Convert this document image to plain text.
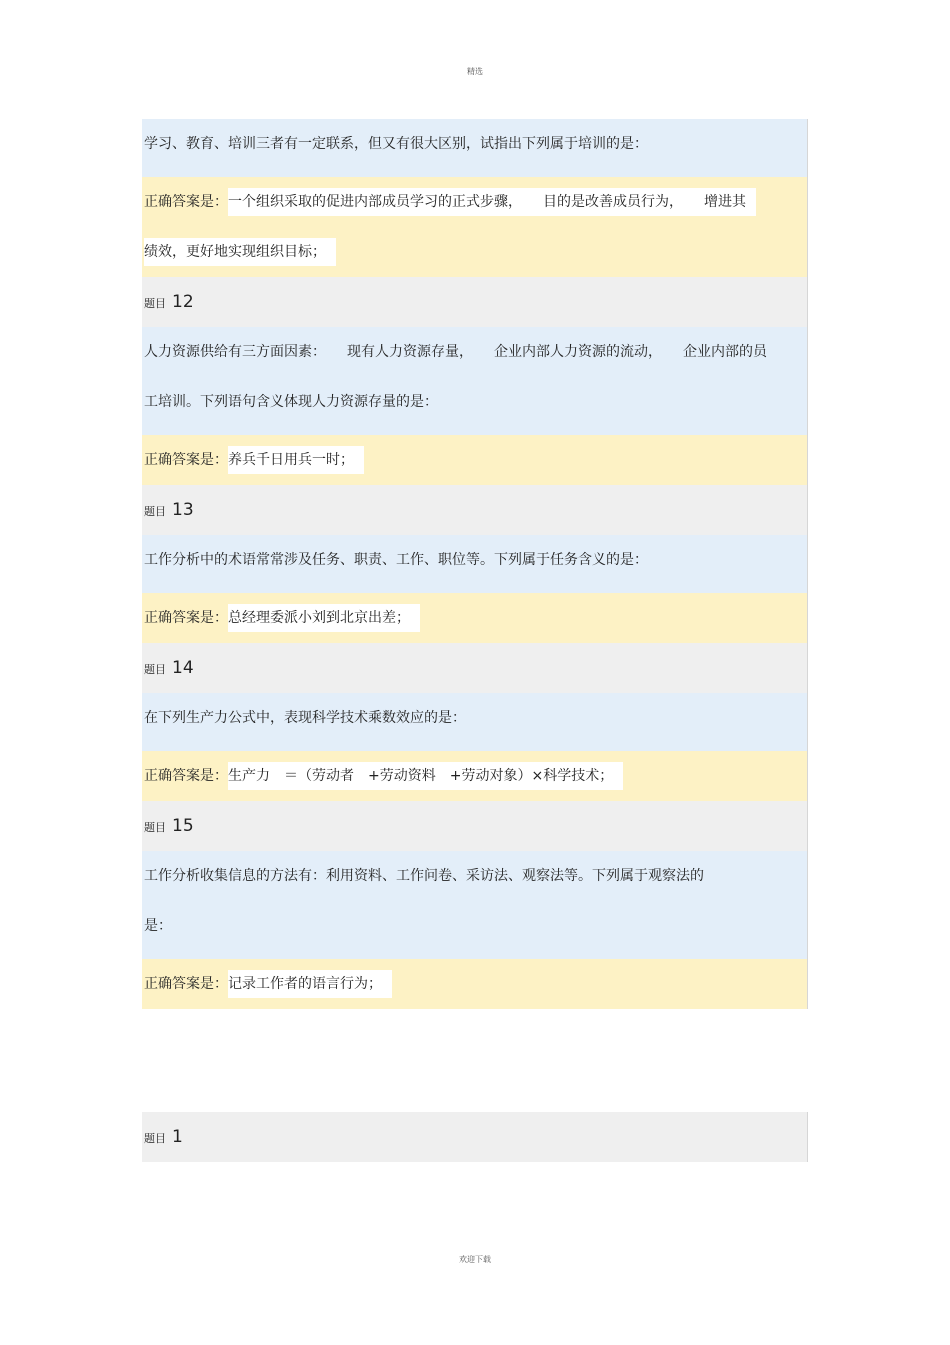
精选
学习、教育、培训三者有一定联系，但又有很大区别，试指出下列属于培训的是：
正确答案是：一个组织采取的促进内部成员学习的正式步骤，　　目的是改善成员行为，　　增进其
绩效，更好地实现组织目标；
题目 12
人力资源供给有三方面因素：　　现有人力资源存量，　　企业内部人力资源的流动，　　企业内部的员
工培训。下列语句含义体现人力资源存量的是：
正确答案是：养兵千日用兵一时；
题目 13
工作分析中的术语常常涉及任务、职责、工作、职位等。下列属于任务含义的是：
正确答案是：总经理委派小刘到北京出差；
题目 14
在下列生产力公式中，表现科学技术乘数效应的是：
正确答案是：生产力　＝（劳动者　+劳动资料　+劳动对象）×科学技术；
题目 15
工作分析收集信息的方法有：利用资料、工作问卷、采访法、观察法等。下列属于观察法的
是：
正确答案是：记录工作者的语言行为；
题目 1
欢迎下载
